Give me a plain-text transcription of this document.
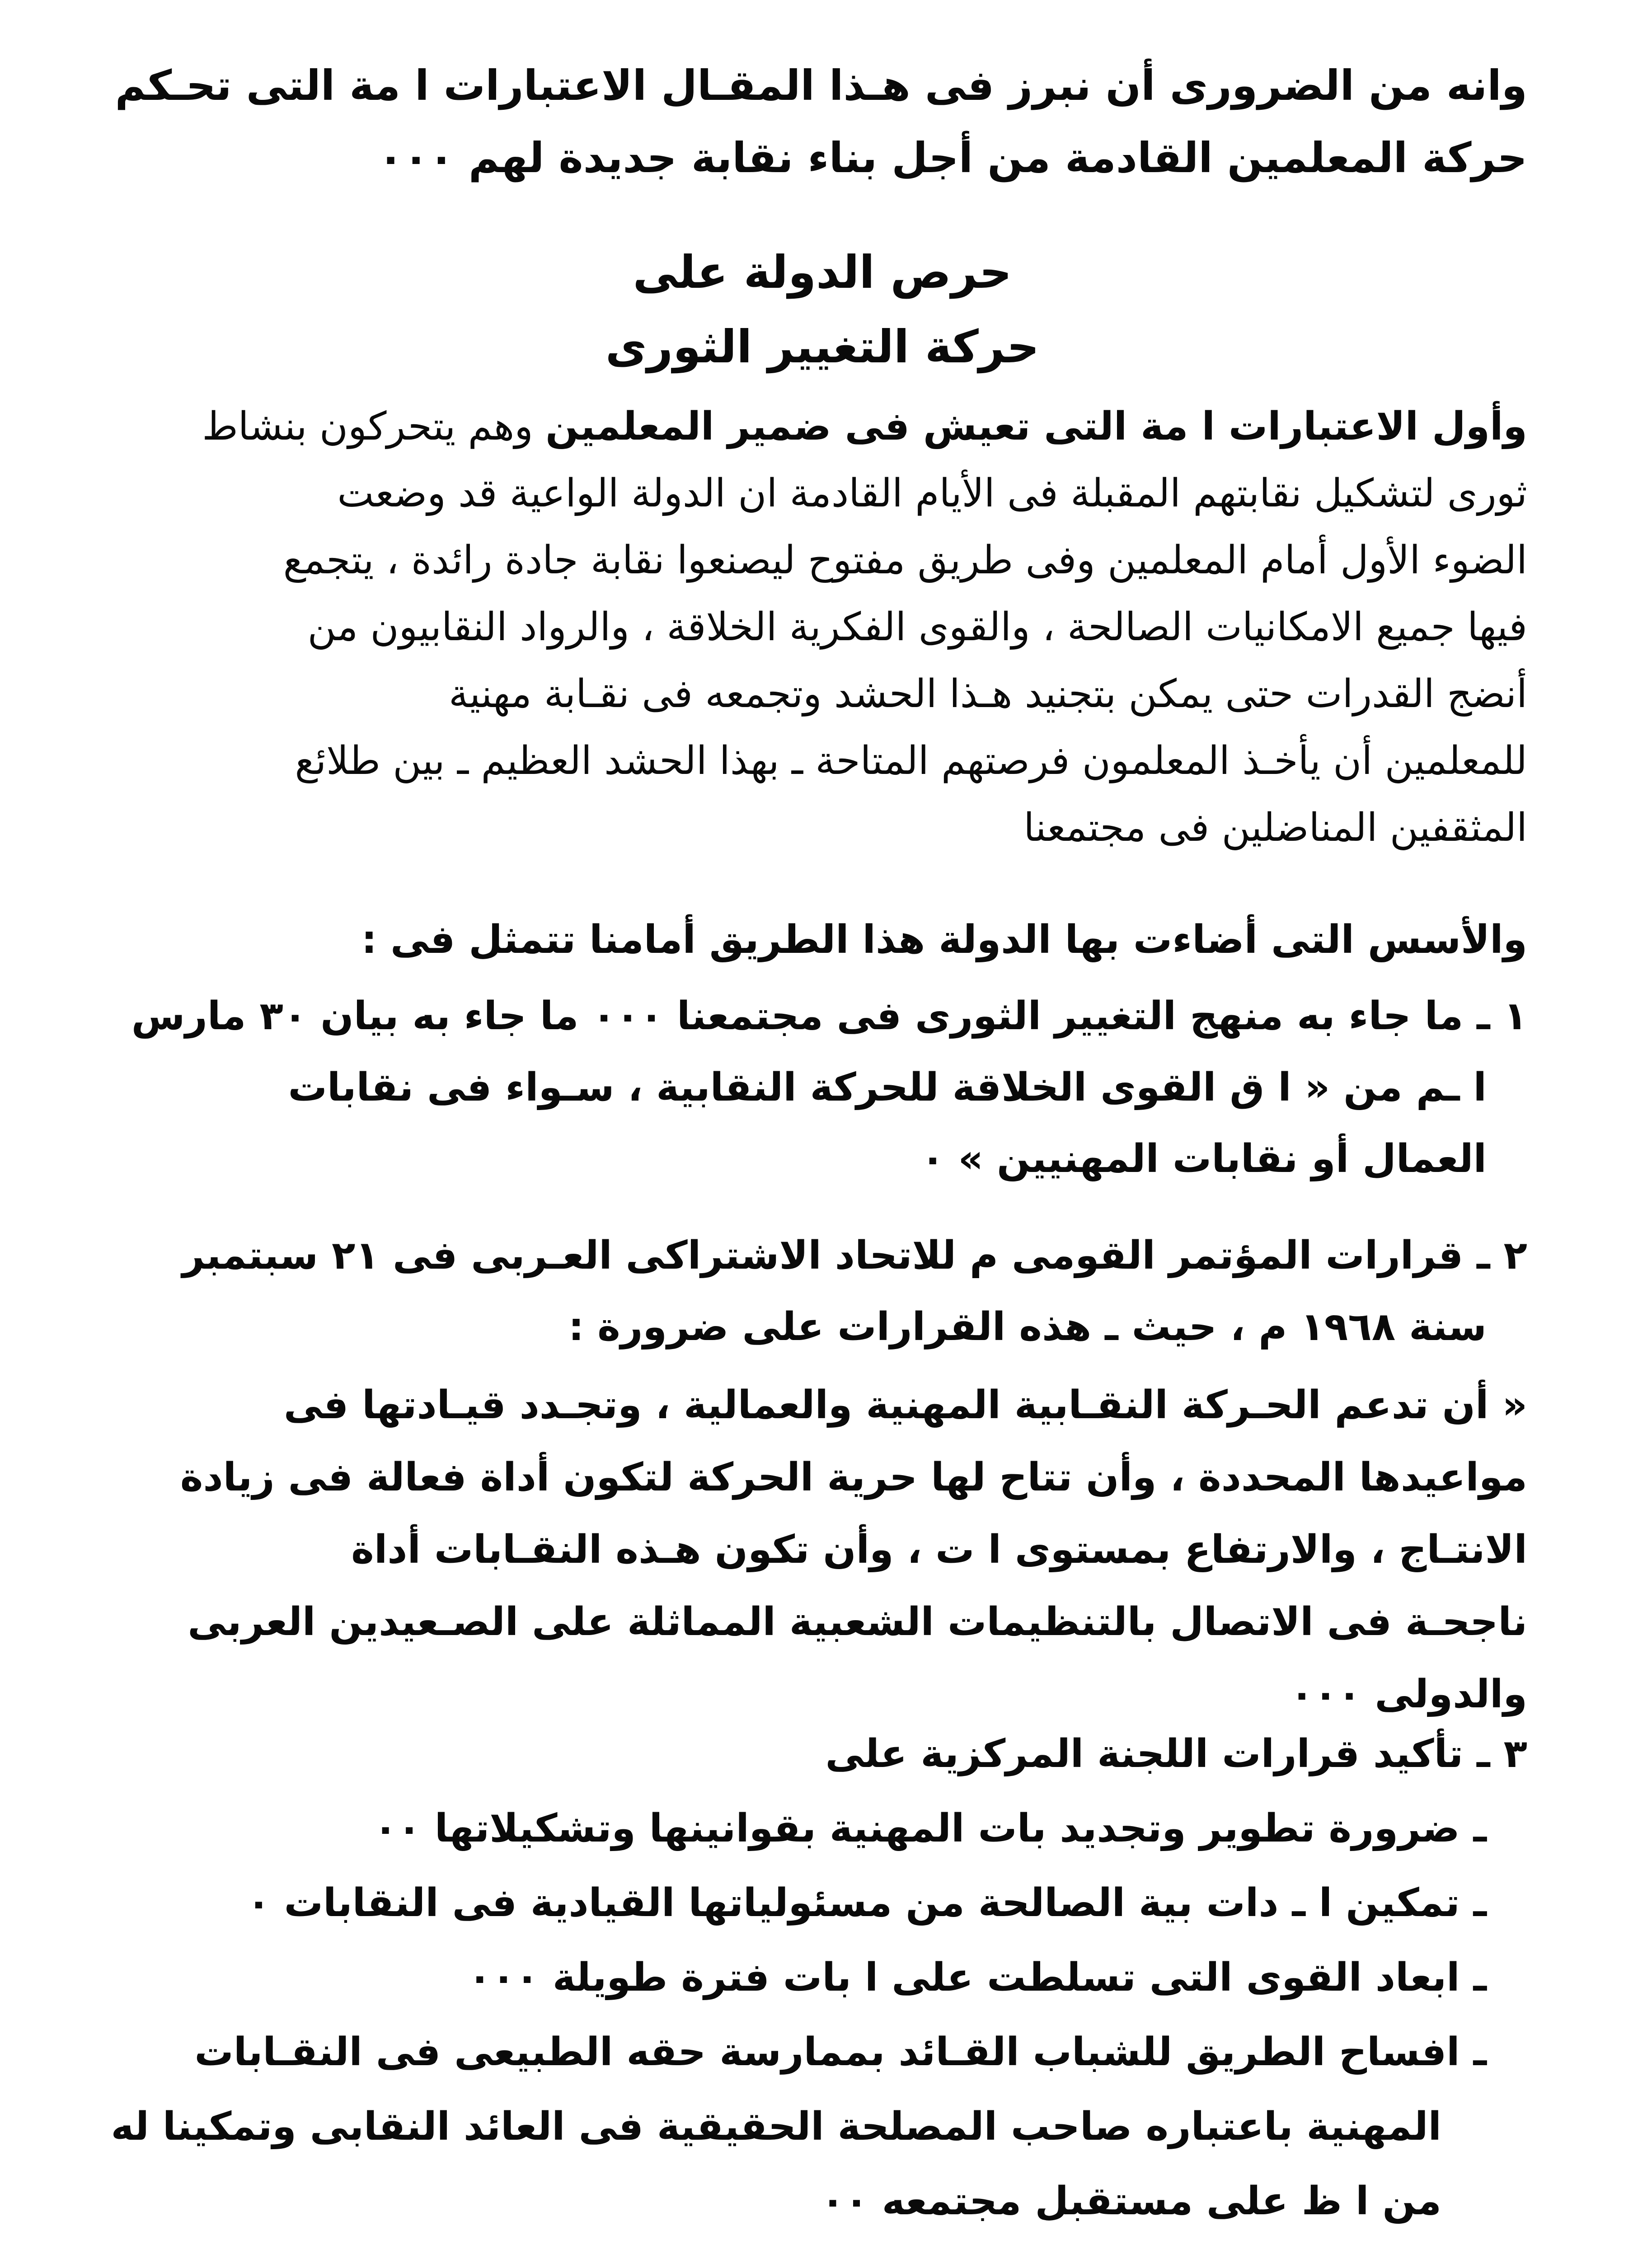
وانه من الضرورى أن نبرز فى هـذا المقـال الاعتبارات ا مة التى تحـكم
حركة المعلمين القادمة من أجل بناء نقابة جديدة لهم ٠٠٠

حرص الدولة على
حركة التغيير الثورى

وأول الاعتبارات ا مة التى تعيش فى ضمير المعلمين وهم يتحركون بنشاط
ثورى لتشكيل نقابتهم المقبلة فى الأيام القادمة ان الدولة الواعية قد وضعت
الضوء الأول أمام المعلمين وفى طريق مفتوح ليصنعوا نقابة جادة رائدة ، يتجمع
فيها جميع الامكانيات الصالحة ، والقوى الفكرية الخلاقة ، والرواد النقابيون من
أنضج القدرات حتى يمكن بتجنيد هـذا الحشد وتجمعه فى نقـابة مهنية
للمعلمين أن يأخـذ المعلمون فرصتهم المتاحة ـ بهذا الحشد العظيم ـ بين طلائع
المثقفين المناضلين فى مجتمعنا

والأسس التى أضاءت بها الدولة هذا الطريق أمامنا تتمثل فى :

١ ـ ما جاء به منهج التغيير الثورى فى مجتمعنا ٠٠٠ ما جاء به بيان ٣٠ مارس
ا ـم من « ا ق القوى الخلاقة للحركة النقابية ، سـواء فى نقابات
العمال أو نقابات المهنيين » ٠

٢ ـ قرارات المؤتمر القومى م للاتحاد الاشتراكى العـربى فى ٢١ سبتمبر
سنة ١٩٦٨ م ، حيث ـ هذه القرارات على ضرورة :

« أن تدعم الحـركة النقـابية المهنية والعمالية ، وتجـدد قيـادتها فى
مواعيدها المحددة ، وأن تتاح لها حرية الحركة لتكون أداة فعالة فى زيادة
الانتـاج ، والارتفاع بمستوى ا ت ، وأن تكون هـذه النقـابات أداة
ناجحـة فى الاتصال بالتنظيمات الشعبية المماثلة على الصـعيدين العربى
والدولى ٠٠٠

٣ ـ تأكيد قرارات اللجنة المركزية على
ـ ضرورة تطوير وتجديد بات المهنية بقوانينها وتشكيلاتها ٠٠
ـ تمكين ا ـ دات بية الصالحة من مسئولياتها القيادية فى النقابات ٠
ـ ابعاد القوى التى تسلطت على ا بات فترة طويلة ٠٠٠
ـ افساح الطريق للشباب القـائد بممارسة حقه الطبيعى فى النقـابات
المهنية باعتباره صاحب المصلحة الحقيقية فى العائد النقابى وتمكينا له
من ا ظ على مستقبل مجتمعه ٠٠
